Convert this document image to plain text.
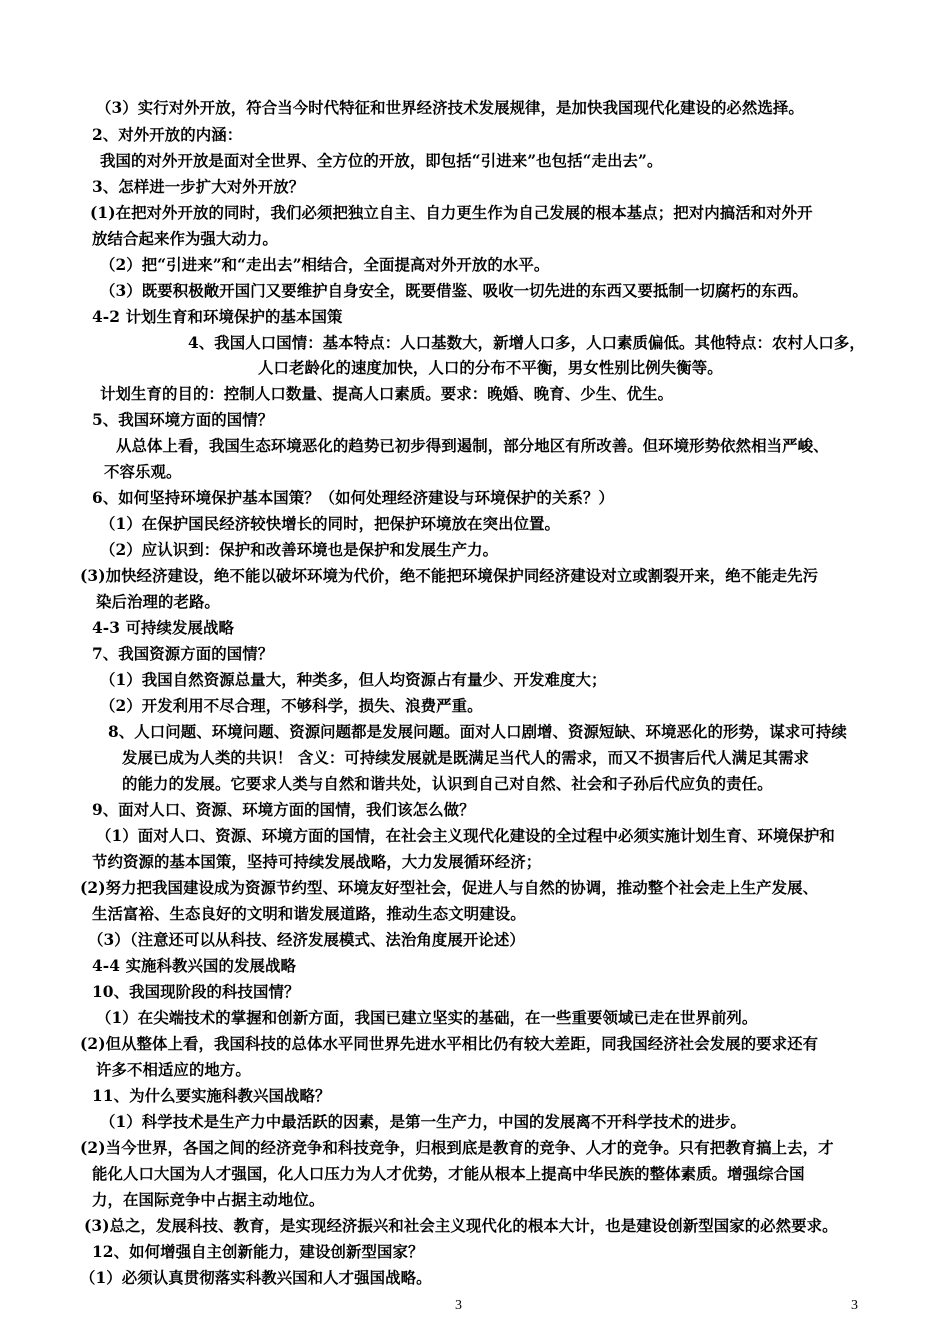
（3）实行对外开放，符合当今时代特征和世界经济技术发展规律，是加快我国现代化建设的必然选择。
2、对外开放的内涵：
我国的对外开放是面对全世界、全方位的开放，即包括“引进来”也包括“走出去”。
3、怎样进一步扩大对外开放？
(1)在把对外开放的同时，我们必须把独立自主、自力更生作为自己发展的根本基点；把对内搞活和对外开
放结合起来作为强大动力。
（2）把“引进来”和“走出去”相结合，全面提高对外开放的水平。
（3）既要积极敞开国门又要维护自身安全，既要借鉴、吸收一切先进的东西又要抵制一切腐朽的东西。
4-2 计划生育和环境保护的基本国策
4、我国人口国情：基本特点：人口基数大，新增人口多，人口素质偏低。其他特点：农村人口多，
人口老龄化的速度加快，人口的分布不平衡，男女性别比例失衡等。
计划生育的目的：控制人口数量、提高人口素质。要求：晚婚、晚育、少生、优生。
5、我国环境方面的国情？
从总体上看，我国生态环境恶化的趋势已初步得到遏制，部分地区有所改善。但环境形势依然相当严峻、
不容乐观。
6、如何坚持环境保护基本国策？（如何处理经济建设与环境保护的关系？）
（1）在保护国民经济较快增长的同时，把保护环境放在突出位置。
（2）应认识到：保护和改善环境也是保护和发展生产力。
(3)加快经济建设，绝不能以破坏环境为代价，绝不能把环境保护同经济建设对立或割裂开来，绝不能走先污
染后治理的老路。
4-3 可持续发展战略
7、我国资源方面的国情？
（1）我国自然资源总量大，种类多，但人均资源占有量少、开发难度大；
（2）开发利用不尽合理，不够科学，损失、浪费严重。
8、人口问题、环境问题、资源问题都是发展问题。面对人口剧增、资源短缺、环境恶化的形势，谋求可持续
发展已成为人类的共识！ 含义：可持续发展就是既满足当代人的需求，而又不损害后代人满足其需求
的能力的发展。它要求人类与自然和谐共处，认识到自己对自然、社会和子孙后代应负的责任。
9、面对人口、资源、环境方面的国情，我们该怎么做？
（1）面对人口、资源、环境方面的国情，在社会主义现代化建设的全过程中必须实施计划生育、环境保护和
节约资源的基本国策，坚持可持续发展战略，大力发展循环经济；
(2)努力把我国建设成为资源节约型、环境友好型社会，促进人与自然的协调，推动整个社会走上生产发展、
生活富裕、生态良好的文明和谐发展道路，推动生态文明建设。
（3）（注意还可以从科技、经济发展模式、法治角度展开论述）
4-4 实施科教兴国的发展战略
10、我国现阶段的科技国情？
（1）在尖端技术的掌握和创新方面，我国已建立坚实的基础，在一些重要领域已走在世界前列。
(2)但从整体上看，我国科技的总体水平同世界先进水平相比仍有较大差距，同我国经济社会发展的要求还有
许多不相适应的地方。
11、为什么要实施科教兴国战略？
（1）科学技术是生产力中最活跃的因素，是第一生产力，中国的发展离不开科学技术的进步。
(2)当今世界，各国之间的经济竞争和科技竞争，归根到底是教育的竞争、人才的竞争。只有把教育搞上去，才
能化人口大国为人才强国，化人口压力为人才优势，才能从根本上提高中华民族的整体素质。增强综合国
力，在国际竞争中占据主动地位。
(3)总之，发展科技、教育，是实现经济振兴和社会主义现代化的根本大计，也是建设创新型国家的必然要求。
12、如何增强自主创新能力，建设创新型国家？
（1）必须认真贯彻落实科教兴国和人才强国战略。
3	3
